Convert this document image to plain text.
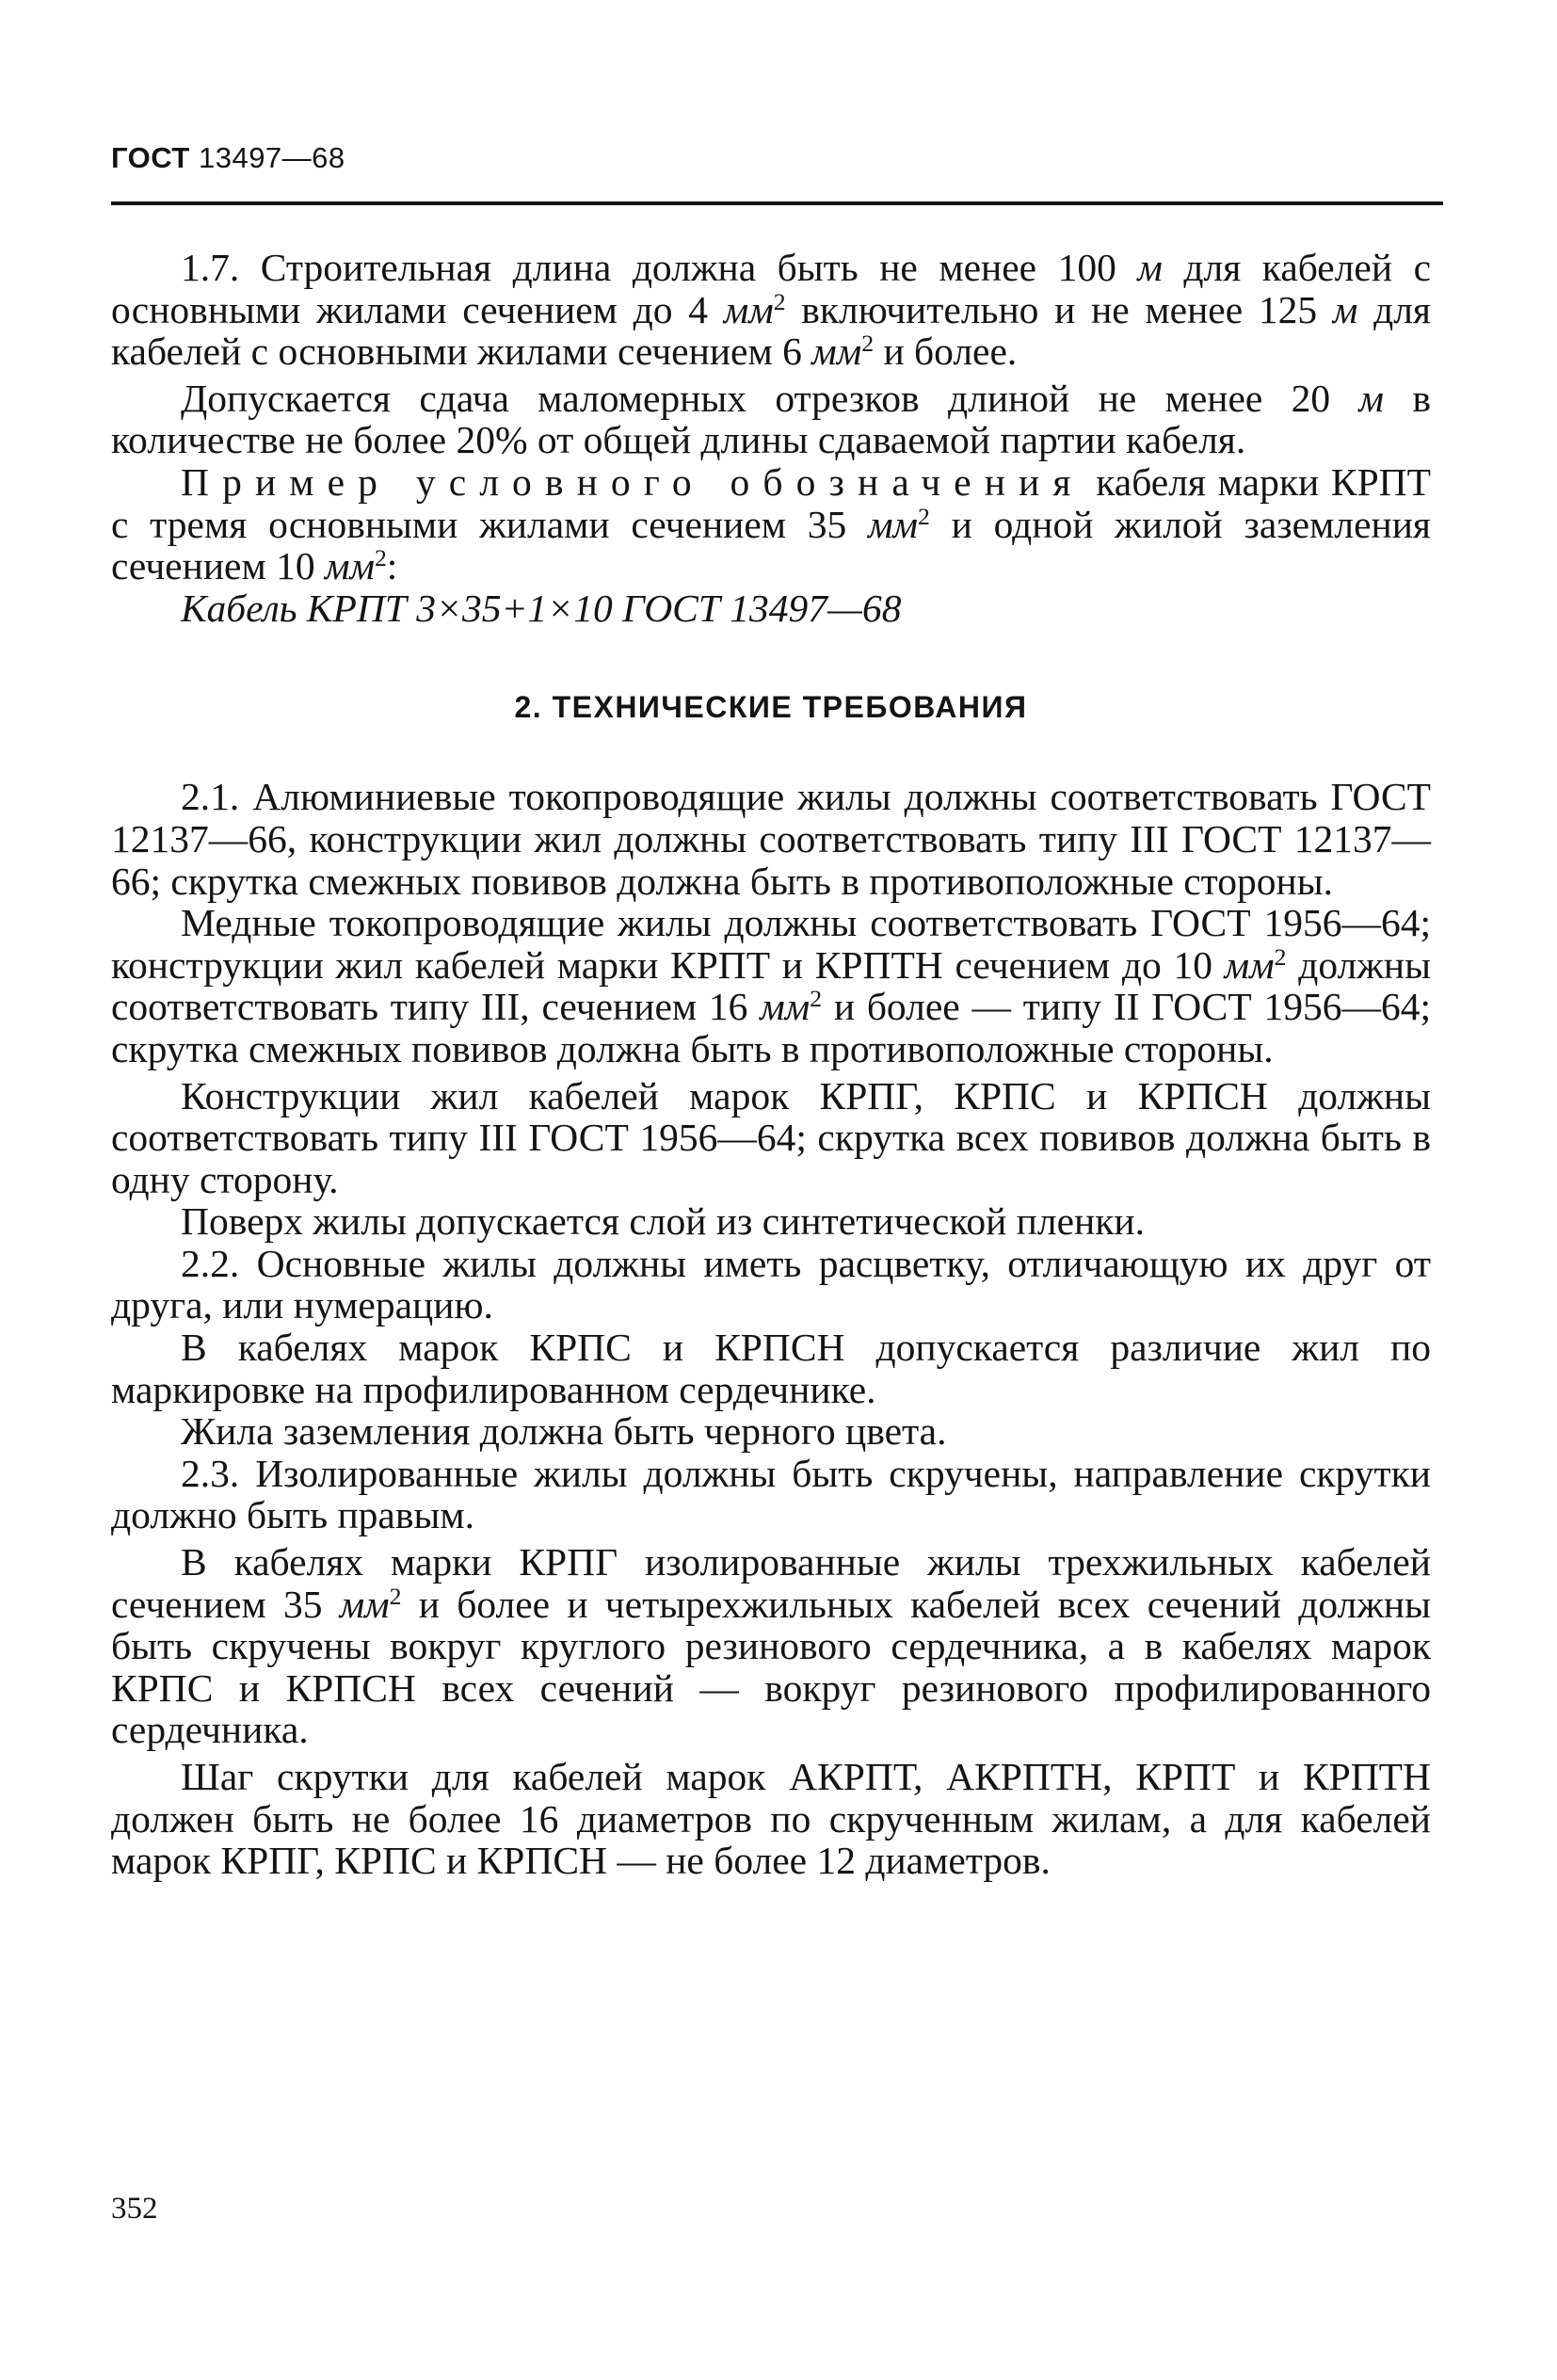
ГОСТ 13497—68

1.7. Строительная длина должна быть не менее 100 м для кабелей с основными жилами сечением до 4 $мм^2$ включительно и не менее 125 м для кабелей с основными жилами сечением 6 $мм^2$ и более.

Допускается сдача маломерных отрезков длиной не менее 20 м в количестве не более 20% от общей длины сдаваемой партии кабеля.

Пример условного обозначения кабеля марки КРПТ с тремя основными жилами сечением 35 $мм^2$ и одной жилой заземления сечением 10 $мм^2$:

Кабель КРПТ 3×35+1×10 ГОСТ 13497—68

2. ТЕХНИЧЕСКИЕ ТРЕБОВАНИЯ

2.1. Алюминиевые токопроводящие жилы должны соответствовать ГОСТ 12137—66, конструкции жил должны соответствовать типу III ГОСТ 12137—66; скрутка смежных повивов должна быть в противоположные стороны.

Медные токопроводящие жилы должны соответствовать ГОСТ 1956—64; конструкции жил кабелей марки КРПТ и КРПТН сечением до 10 $мм^2$ должны соответствовать типу III, сечением 16 $мм^2$ и более — типу II ГОСТ 1956—64; скрутка смежных повивов должна быть в противоположные стороны.

Конструкции жил кабелей марок КРПГ, КРПС и КРПСН должны соответствовать типу III ГОСТ 1956—64; скрутка всех повивов должна быть в одну сторону.

Поверх жилы допускается слой из синтетической пленки.

2.2. Основные жилы должны иметь расцветку, отличающую их друг от друга, или нумерацию.

В кабелях марок КРПС и КРПСН допускается различие жил по маркировке на профилированном сердечнике.

Жила заземления должна быть черного цвета.

2.3. Изолированные жилы должны быть скручены, направление скрутки должно быть правым.

В кабелях марки КРПГ изолированные жилы трехжильных кабелей сечением 35 $мм^2$ и более и четырехжильных кабелей всех сечений должны быть скручены вокруг круглого резинового сердечника, а в кабелях марок КРПС и КРПСН всех сечений — вокруг резинового профилированного сердечника.

Шаг скрутки для кабелей марок АКРПТ, АКРПТН, КРПТ и КРПТН должен быть не более 16 диаметров по скрученным жилам, а для кабелей марок КРПГ, КРПС и КРПСН — не более 12 диаметров.

352
